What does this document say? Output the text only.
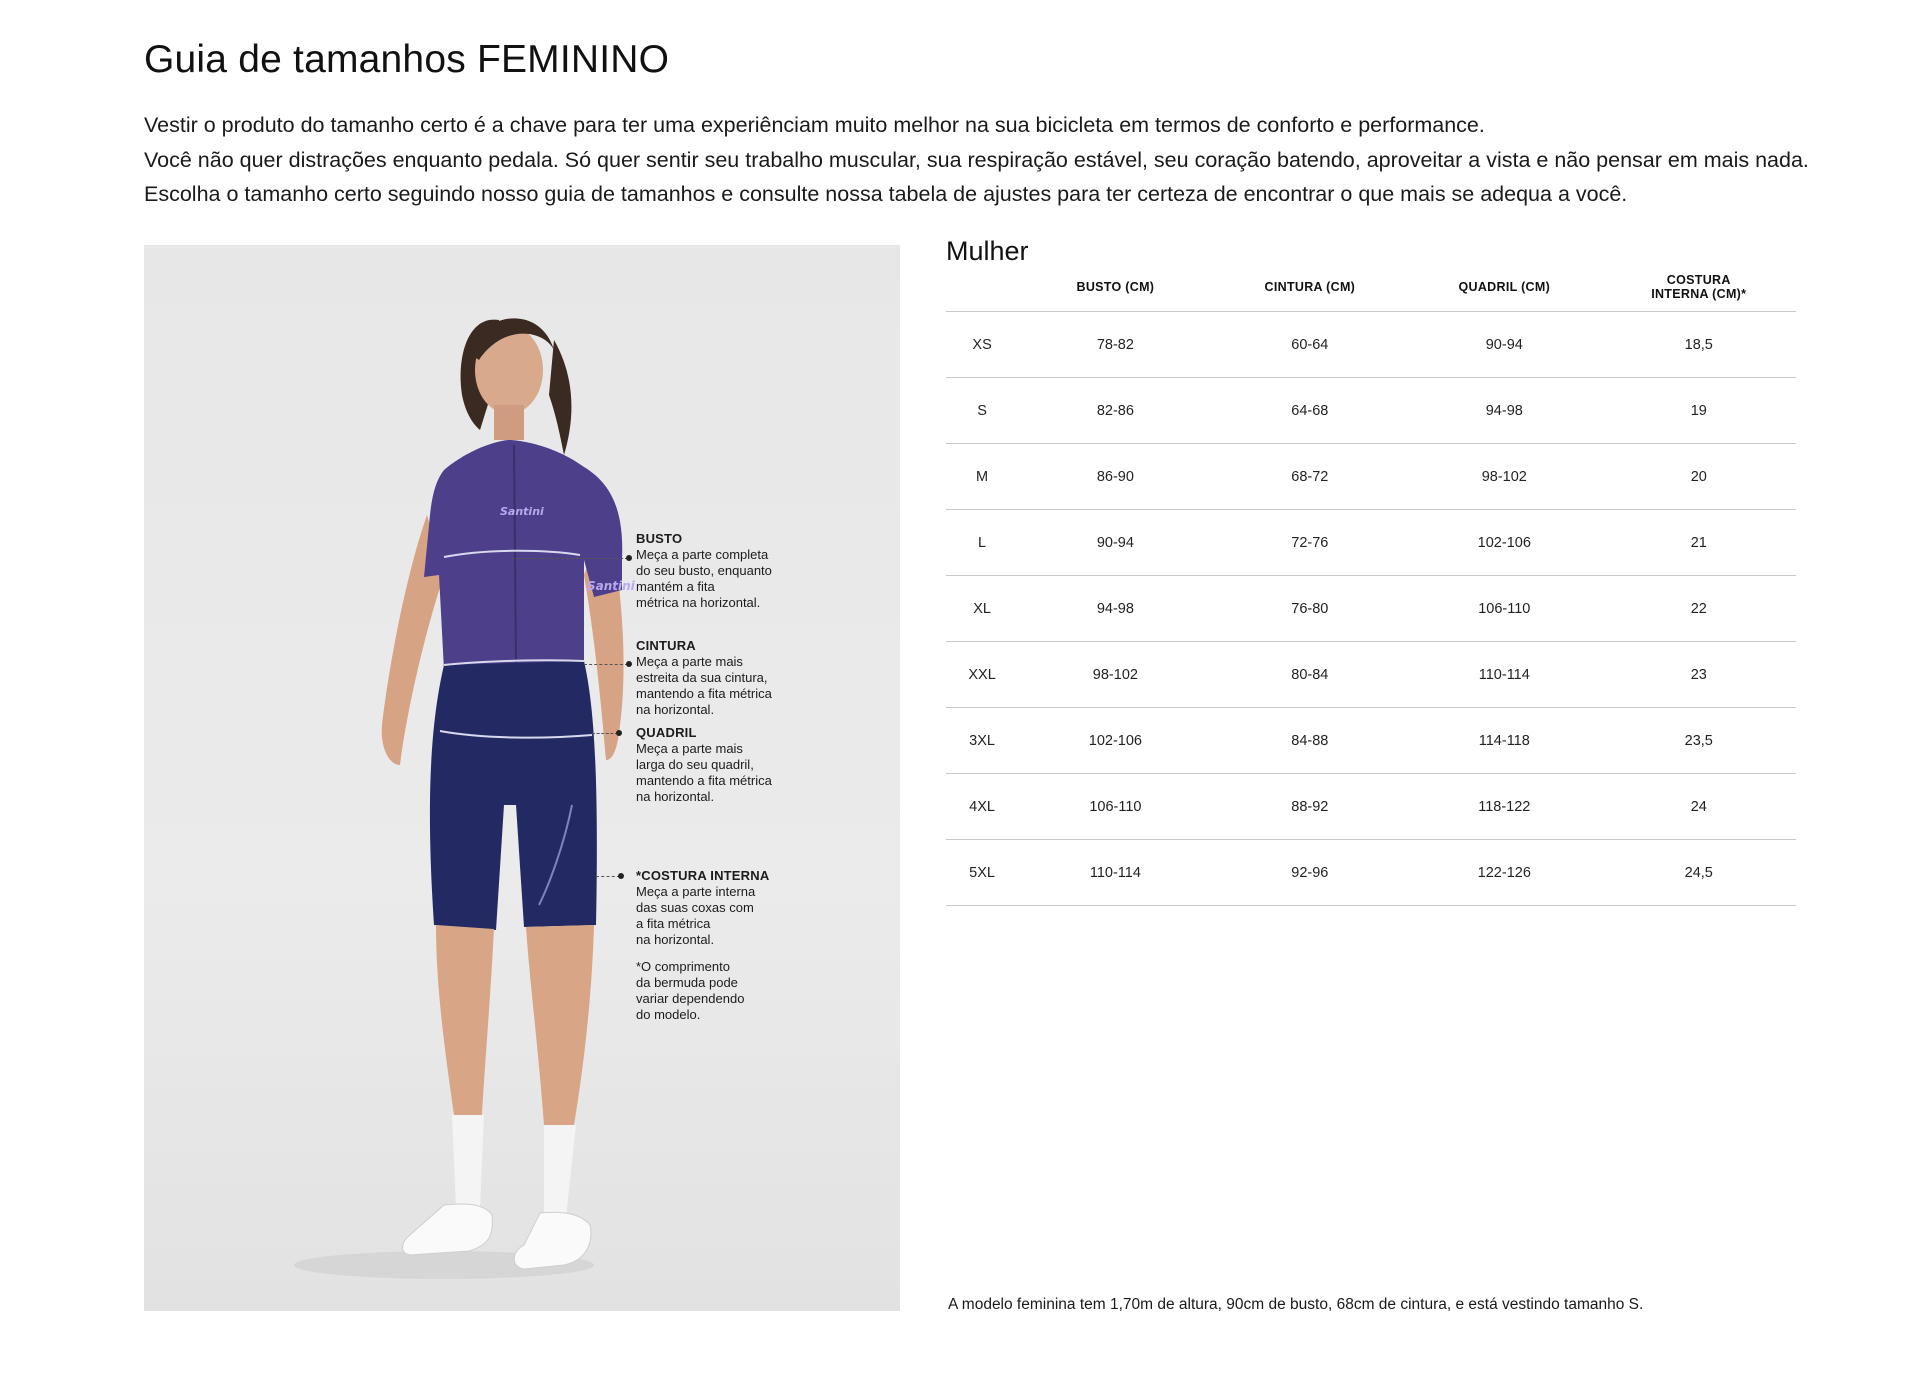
Guia de tamanhos FEMININO

Vestir o produto do tamanho certo é a chave para ter uma experiênciam muito melhor na sua bicicleta em termos de conforto e performance.

Você não quer distrações enquanto pedala. Só quer sentir seu trabalho muscular, sua respiração estável, seu coração batendo, aproveitar a vista e não pensar em mais nada.

Escolha o tamanho certo seguindo nosso guia de tamanhos e consulte nossa tabela de ajustes para ter certeza de encontrar o que mais se adequa a você.

Santini
Santini
BUSTO
Meça a parte completa
do seu busto, enquanto
mantém a fita
métrica na horizontal.
CINTURA
Meça a parte mais
estreita da sua cintura,
mantendo a fita métrica
na horizontal.
QUADRIL
Meça a parte mais
larga do seu quadril,
mantendo a fita métrica
na horizontal.
*COSTURA INTERNA
Meça a parte interna
das suas coxas com
a fita métrica
na horizontal.
*O comprimento
da bermuda pode
variar dependendo
do modelo.
Mulher
	BUSTO (CM)	CINTURA (CM)	QUADRIL (CM)	COSTURA
INTERNA (CM)*
XS	78-82	60-64	90-94	18,5
S	82-86	64-68	94-98	19
M	86-90	68-72	98-102	20
L	90-94	72-76	102-106	21
XL	94-98	76-80	106-110	22
XXL	98-102	80-84	110-114	23
3XL	102-106	84-88	114-118	23,5
4XL	106-110	88-92	118-122	24
5XL	110-114	92-96	122-126	24,5
A modelo feminina tem 1,70m de altura, 90cm de busto, 68cm de cintura, e está vestindo tamanho S.
